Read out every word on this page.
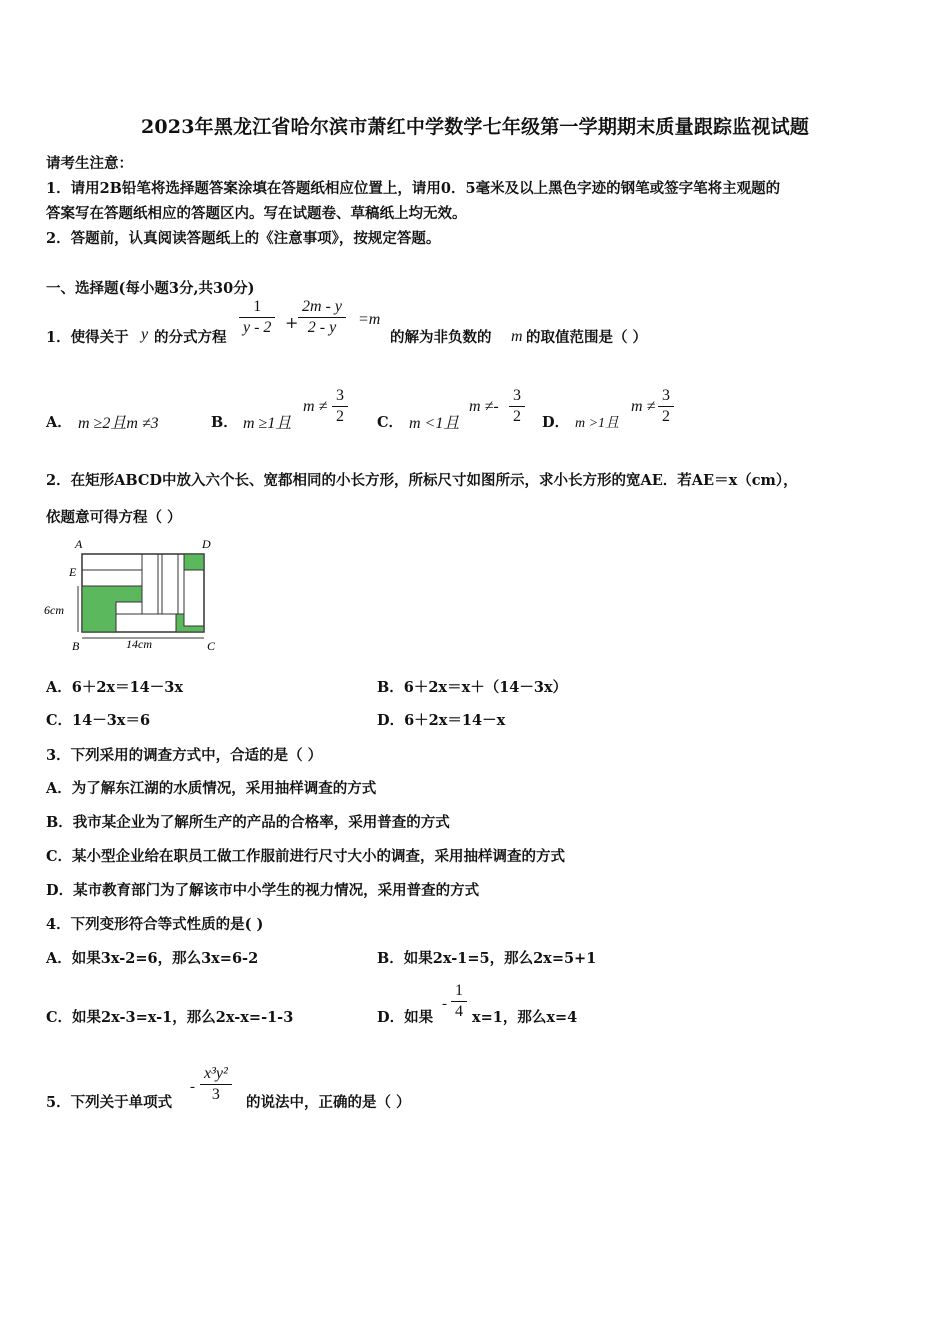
2023年黑龙江省哈尔滨市萧红中学数学七年级第一学期期末质量跟踪监视试题
请考生注意：
1．请用2B铅笔将选择题答案涂填在答题纸相应位置上，请用0．5毫米及以上黑色字迹的钢笔或签字笔将主观题的
答案写在答题纸相应的答题区内。写在试题卷、草稿纸上均无效。
2．答题前，认真阅读答题纸上的《注意事项》，按规定答题。
一、选择题(每小题3分,共30分)
1．使得关于 y 的分式方程 $\frac{1}{y - 2} + \frac{2m - y}{2 - y} =m$
的解为非负数的 m 的取值范围是（ ）
A． m ≥2且m ≠3	B． m ≥1且
$m \ne \frac{3}{2}$ C． m <1且
$m \ne- \frac{3}{2}$ D． m >1且
$m \ne \frac{3}{2}$
2．在矩形ABCD中放入六个长、宽都相同的小长方形，所标尺寸如图所示，求小长方形的宽AE．若AE＝x（cm），
依题意可得方程（ ）
A	D
E
B	C
6cm
14cm
A．6＋2x＝14－3x	B．6＋2x＝x＋（14－3x）
C．14－3x＝6	D．6＋2x＝14－x
3．下列采用的调查方式中，合适的是（ ）
A．为了解东江湖的水质情况，采用抽样调查的方式
B．我市某企业为了解所生产的产品的合格率，采用普查的方式
C．某小型企业给在职员工做工作服前进行尺寸大小的调查，采用抽样调查的方式
D．某市教育部门为了解该市中小学生的视力情况，采用普查的方式
4．下列变形符合等式性质的是( )
A．如果3x-2=6，那么3x=6-2	B．如果2x-1=5，那么2x=5+1
C．如果2x-3=x-1，那么2x-x=-1-3	D．如果
- $\frac{1}{4} x=1$，那么x=4
5．下列关于单项式
- $\frac{\text{x³y²}}{3}$ 的说法中，正确的是（ ）
